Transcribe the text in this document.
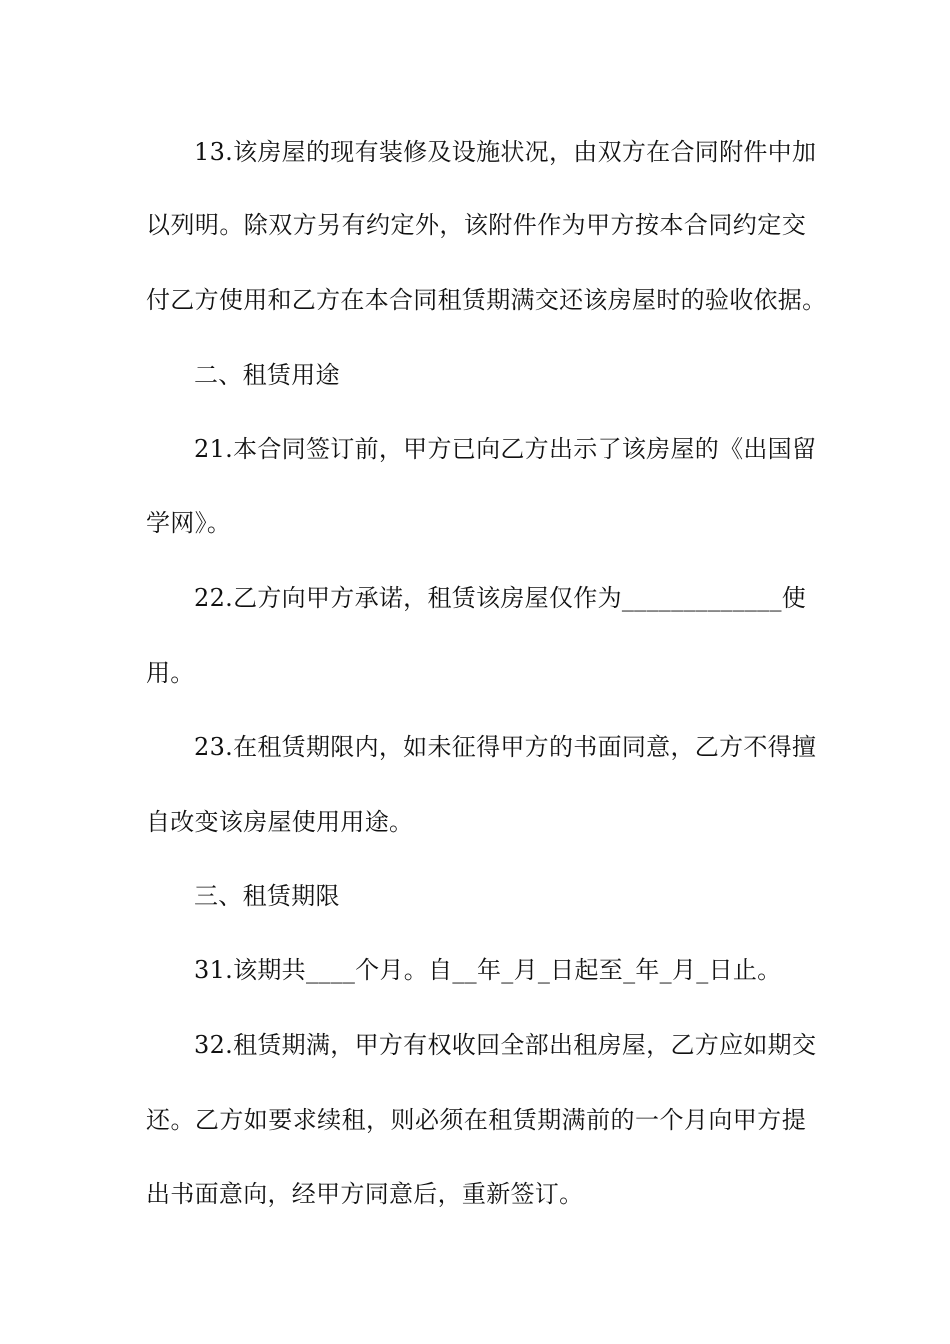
13.该房屋的现有装修及设施状况，由双方在合同附件中加
以列明。除双方另有约定外，该附件作为甲方按本合同约定交
付乙方使用和乙方在本合同租赁期满交还该房屋时的验收依据。
二、租赁用途
21.本合同签订前，甲方已向乙方出示了该房屋的《出国留
学网》。
22.乙方向甲方承诺，租赁该房屋仅作为_____________使
用。
23.在租赁期限内，如未征得甲方的书面同意，乙方不得擅
自改变该房屋使用用途。
三、租赁期限
31.该期共____个月。自__年_月_日起至_年_月_日止。
32.租赁期满，甲方有权收回全部出租房屋，乙方应如期交
还。乙方如要求续租，则必须在租赁期满前的一个月向甲方提
出书面意向，经甲方同意后，重新签订。
